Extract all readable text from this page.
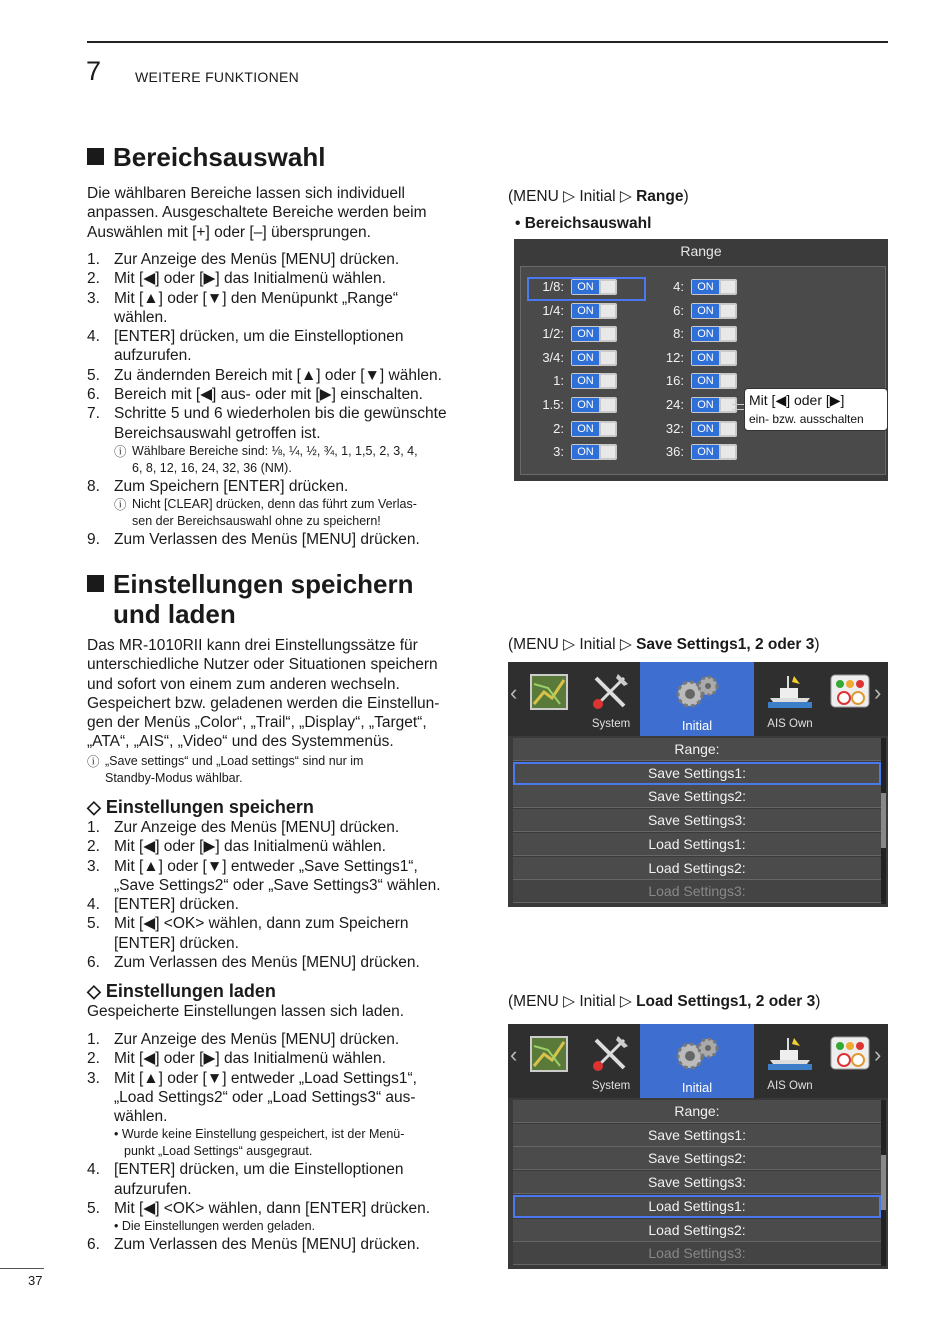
7 WEITERE FUNKTIONEN
Bereichsauswahl
Die wählbaren Bereiche lassen sich individuell
anpassen. Ausgeschaltete Bereiche werden beim
Auswählen mit [+] oder [–] übersprungen.
1. Zur Anzeige des Menüs [MENU] drücken.
2. Mit [◀] oder [▶] das Initialmenü wählen.
3. Mit [▲] oder [▼] den Menüpunkt „Range“
wählen.
4. [ENTER] drücken, um die Einstelloptionen
aufzurufen.
5. Zu ändernden Bereich mit [▲] oder [▼] wählen.
6. Bereich mit [◀] aus- oder mit [▶] einschalten.
7. Schritte 5 und 6 wiederholen bis die gewünschte
Bereichsauswahl getroffen ist.
ⓘ Wählbare Bereiche sind: ⅛, ¼, ½, ¾, 1, 1,5, 2, 3, 4,
6, 8, 12, 16, 24, 32, 36 (NM).
8. Zum Speichern [ENTER] drücken.
ⓘ Nicht [CLEAR] drücken, denn das führt zum Verlas-
sen der Bereichsauswahl ohne zu speichern!
9. Zum Verlassen des Menüs [MENU] drücken.
(MENU ▷ Initial ▷ Range)
• Bereichsauswahl
Range
1/8:	ON
1/4:	ON
1/2:	ON
3/4:	ON
1:	ON
1.5:	ON
2:	ON
3:	ON
4:	ON
6:	ON
8:	ON
12:	ON
16:	ON
24:	ON
32:	ON
36:	ON
Mit [◀] oder [▶]
ein- bzw. ausschalten
Einstellungen speichern
und laden
Das MR-1010RII kann drei Einstellungssätze für
unterschiedliche Nutzer oder Situationen speichern
und sofort von einem zum anderen wechseln.
Gespeichert bzw. geladenen werden die Einstellun-
gen der Menüs „Color“, „Trail“, „Display“, „Target“,
„ATA“, „AIS“, „Video“ und des Systemmenüs.
ⓘ „Save settings“ und „Load settings“ sind nur im
Standby-Modus wählbar.
◇ Einstellungen speichern
1. Zur Anzeige des Menüs [MENU] drücken.
2. Mit [◀] oder [▶] das Initialmenü wählen.
3. Mit [▲] oder [▼] entweder „Save Settings1“,
„Save Settings2“ oder „Save Settings3“ wählen.
4. [ENTER] drücken.
5. Mit [◀] <OK> wählen, dann zum Speichern
[ENTER] drücken.
6. Zum Verlassen des Menüs [MENU] drücken.
◇ Einstellungen laden
Gespeicherte Einstellungen lassen sich laden.
1. Zur Anzeige des Menüs [MENU] drücken.
2. Mit [◀] oder [▶] das Initialmenü wählen.
3. Mit [▲] oder [▼] entweder „Load Settings1“,
„Load Settings2“ oder „Load Settings3“ aus-
wählen.
• Wurde keine Einstellung gespeichert, ist der Menü-
punkt „Load Settings“ ausgegraut.
4. [ENTER] drücken, um die Einstelloptionen
aufzurufen.
5. Mit [◀] <OK> wählen, dann [ENTER] drücken.
• Die Einstellungen werden geladen.
6. Zum Verlassen des Menüs [MENU] drücken.
(MENU ▷ Initial ▷ Save Settings1, 2 oder 3)
‹
System	Initial	AIS Own
›
Range:
Save Settings1:
Save Settings2:
Save Settings3:
Load Settings1:
Load Settings2:
Load Settings3:
(MENU ▷ Initial ▷ Load Settings1, 2 oder 3)
‹
System	Initial	AIS Own
›
Range:
Save Settings1:
Save Settings2:
Save Settings3:
Load Settings1:
Load Settings2:
Load Settings3:
37
